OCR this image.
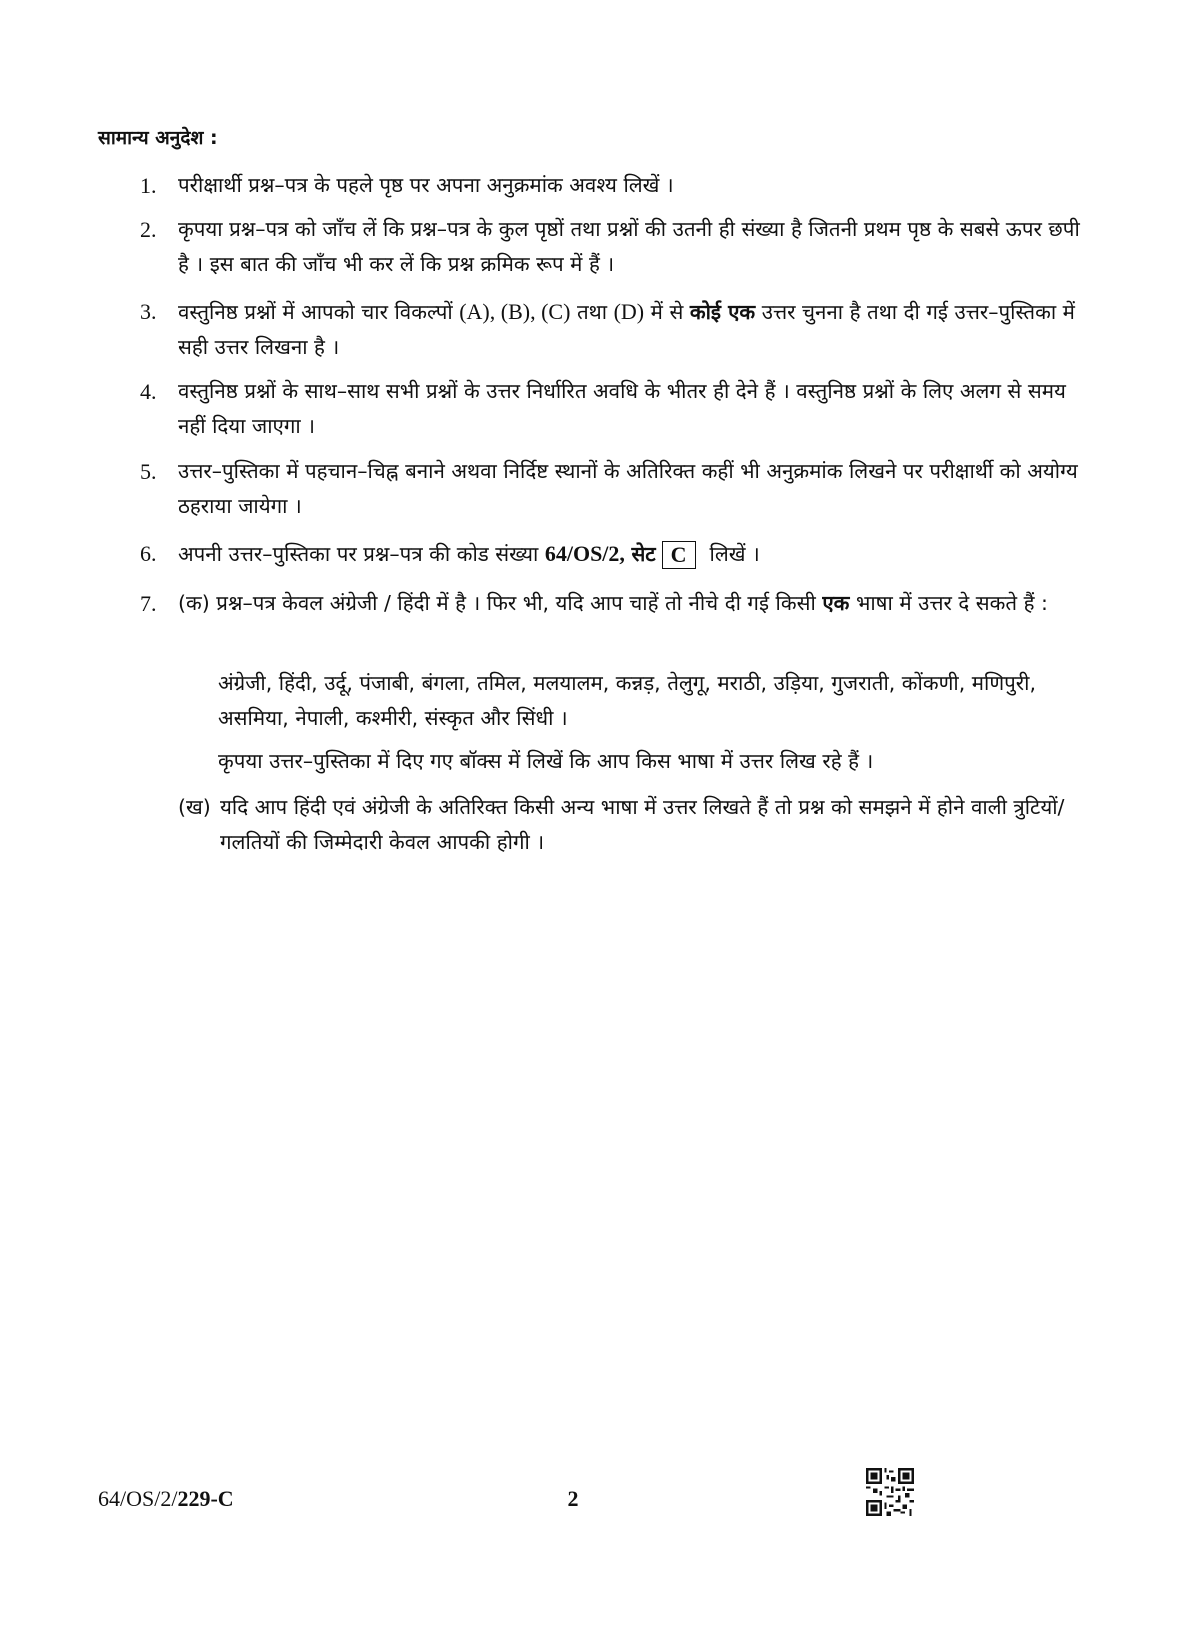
सामान्य अनुदेश :
1.	परीक्षार्थी प्रश्न–पत्र के पहले पृष्ठ पर अपना अनुक्रमांक अवश्य लिखें ।
2.	कृपया प्रश्न–पत्र को जाँच लें कि प्रश्न–पत्र के कुल पृष्ठों तथा प्रश्नों की उतनी ही संख्या है जितनी प्रथम पृष्ठ के सबसे ऊपर छपी है । इस बात की जाँच भी कर लें कि प्रश्न क्रमिक रूप में हैं ।
3.	वस्तुनिष्ठ प्रश्नों में आपको चार विकल्पों (A), (B), (C) तथा (D) में से कोई एक उत्तर चुनना है तथा दी गई उत्तर–पुस्तिका में सही उत्तर लिखना है ।
4.	वस्तुनिष्ठ प्रश्नों के साथ–साथ सभी प्रश्नों के उत्तर निर्धारित अवधि के भीतर ही देने हैं । वस्तुनिष्ठ प्रश्नों के लिए अलग से समय नहीं दिया जाएगा ।
5.	उत्तर–पुस्तिका में पहचान–चिह्न बनाने अथवा निर्दिष्ट स्थानों के अतिरिक्त कहीं भी अनुक्रमांक लिखने पर परीक्षार्थी को अयोग्य ठहराया जायेगा ।
6.	अपनी उत्तर–पुस्तिका पर प्रश्न–पत्र की कोड संख्या 64/OS/2, सेट C लिखें ।
7.	(क) प्रश्न–पत्र केवल अंग्रेजी / हिंदी में है । फिर भी, यदि आप चाहें तो नीचे दी गई किसी एक भाषा में उत्तर दे सकते हैं :
अंग्रेजी, हिंदी, उर्दू, पंजाबी, बंगला, तमिल, मलयालम, कन्नड़, तेलुगू, मराठी, उड़िया, गुजराती, कोंकणी, मणिपुरी, असमिया, नेपाली, कश्मीरी, संस्कृत और सिंधी ।
कृपया उत्तर–पुस्तिका में दिए गए बॉक्स में लिखें कि आप किस भाषा में उत्तर लिख रहे हैं ।
(ख) यदि आप हिंदी एवं अंग्रेजी के अतिरिक्त किसी अन्य भाषा में उत्तर लिखते हैं तो प्रश्न को समझने में होने वाली त्रुटियों/गलतियों की जिम्मेदारी केवल आपकी होगी ।
64/OS/2/229-C	2
